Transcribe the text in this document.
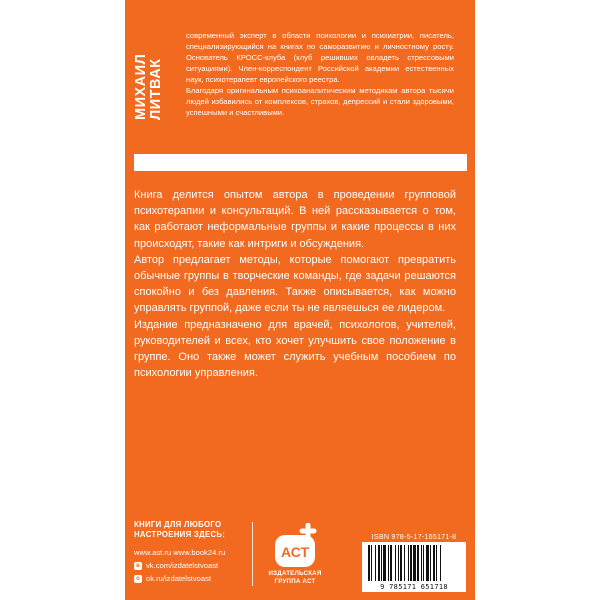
МИХАИЛ ЛИТВАК

современный эксперт в области психологии и психиатрии, писатель, специализирующийся на книгах по саморазвитию и личностному росту. Основатель КРОСС-клуба (клуб решивших овладеть стрессовыми ситуациями). Член-корреспондент Российской академии естественных наук, психотерапевт европейского реестра.

Благодаря оригинальным психоаналитическим методикам автора тысячи людей избавились от комплексов, страхов, депрессий и стали здоровыми, успешными и счастливыми.

Книга делится опытом автора в проведении групповой психотерапии и консультаций. В ней рассказывается о том, как работают неформальные группы и какие процессы в них происходят, такие как интриги и обсуждения.

Автор предлагает методы, которые помогают превратить обычные группы в творческие команды, где задачи решаются спокойно и без давления. Также описывается, как можно управлять группой, даже если ты не являешься ее лидером.

Издание предназначено для врачей, психологов, учителей, руководителей и всех, кто хочет улучшить свое положение в группе. Оно также может служить учебным пособием по психологии управления.

КНИГИ ДЛЯ ЛЮБОГО
НАСТРОЕНИЯ ЗДЕСЬ:
www.ast.ru www.book24.ru
в vk.com/izdatelstvoast
о ok.ru/izdatelstvoast
АСТ
ИЗДАТЕЛЬСКАЯ
ГРУППА АСТ
ISBN 978-5-17-165171-8
9 785171 651718
